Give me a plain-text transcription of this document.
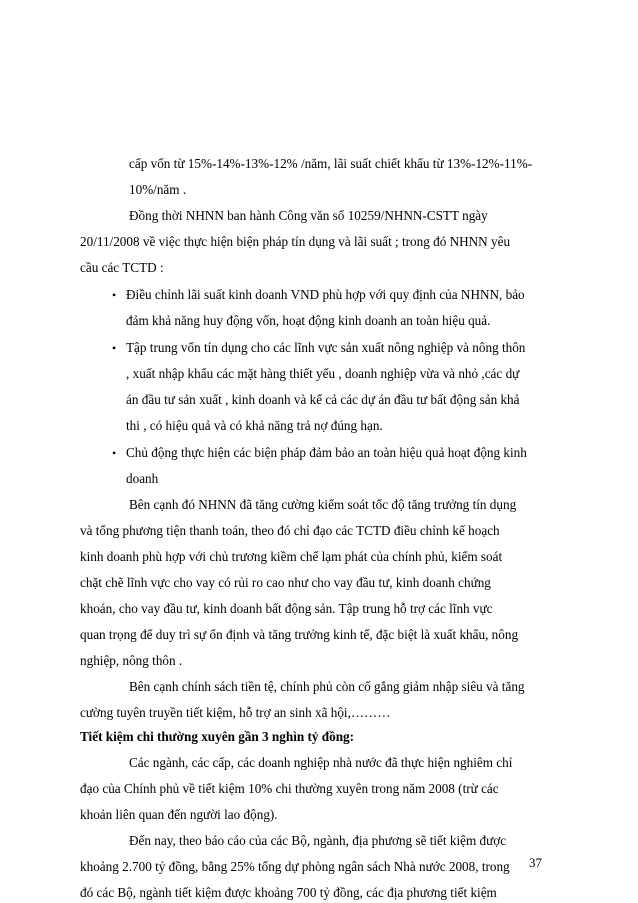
cấp vốn từ 15%-14%-13%-12% /năm, lãi suất chiết khấu từ 13%-12%-11%-
10%/năm .
Đồng thời NHNN ban hành Công văn số 10259/NHNN-CSTT ngày
20/11/2008 về việc thực hiện biện pháp tín dụng và lãi suất ; trong đó NHNN yêu
cầu các TCTD :
• Điều chỉnh lãi suất kinh doanh VND phù hợp với quy định của NHNN, bảo
đảm khả năng huy động vốn, hoạt động kinh doanh an toàn hiệu quả.
• Tập trung vốn tín dụng cho các lĩnh vực sản xuất nông nghiệp và nông thôn
, xuất nhập khẩu các mặt hàng thiết yếu , doanh nghiệp vừa và nhỏ ,các dự
án đầu tư sản xuất , kinh doanh và kể cả các dự án đầu tư bất động sản khả
thi , có hiệu quả và có khả năng trả nợ đúng hạn.
• Chủ động thực hiện các biện pháp đảm bảo an toàn hiệu quả hoạt động kinh
doanh
Bên cạnh đó NHNN đã tăng cường kiểm soát tốc độ tăng trưởng tín dụng
và tổng phương tiện thanh toán, theo đó chỉ đạo các TCTD điều chỉnh kế hoạch
kinh doanh phù hợp với chủ trương kiềm chế lạm phát của chính phủ, kiểm soát
chặt chẽ lĩnh vực cho vay có rủi ro cao như cho vay đầu tư, kinh doanh chứng
khoán, cho vay đầu tư, kinh doanh bất động sản. Tập trung hỗ trợ các lĩnh vực
quan trọng để duy trì sự ổn định và tăng trưởng kinh tế, đặc biệt là xuất khẩu, nông
nghiệp, nông thôn .
Bên cạnh chính sách tiền tệ, chính phủ còn cố gắng giảm nhập siêu và tăng
cường tuyên truyền tiết kiệm, hỗ trợ an sinh xã hội,………
Tiết kiệm chi thường xuyên gần 3 nghìn tỷ đồng:
Các ngành, các cấp, các doanh nghiệp nhà nước đã thực hiện nghiêm chỉ
đạo của Chính phủ về tiết kiệm 10% chi thường xuyên trong năm 2008 (trừ các
khoản liên quan đến người lao động).
Đến nay, theo báo cáo của các Bộ, ngành, địa phương sẽ tiết kiệm được
khoảng 2.700 tỷ đồng, bằng 25% tổng dự phòng ngân sách Nhà nước 2008, trong
đó các Bộ, ngành tiết kiệm được khoảng 700 tỷ đồng, các địa phương tiết kiệm
37
